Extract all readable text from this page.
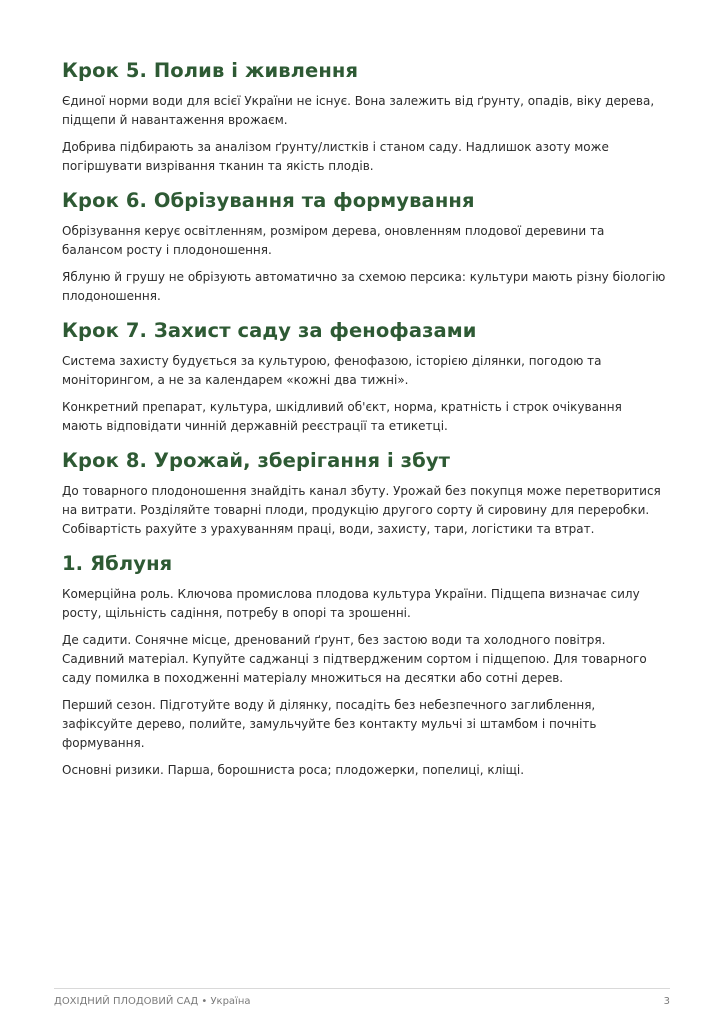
Крок 5. Полив і живлення

Єдиної норми води для всієї України не існує. Вона залежить від ґрунту, опадів, віку дерева, підщепи й навантаження врожаєм.

Добрива підбирають за аналізом ґрунту/листків і станом саду. Надлишок азоту може погіршувати визрівання тканин та якість плодів.

Крок 6. Обрізування та формування

Обрізування керує освітленням, розміром дерева, оновленням плодової деревини та балансом росту і плодоношення.

Яблуню й грушу не обрізують автоматично за схемою персика: культури мають різну біологію плодоношення.

Крок 7. Захист саду за фенофазами

Система захисту будується за культурою, фенофазою, історією ділянки, погодою та моніторингом, а не за календарем «кожні два тижні».

Конкретний препарат, культура, шкідливий об'єкт, норма, кратність і строк очікування мають відповідати чинній державній реєстрації та етикетці.

Крок 8. Урожай, зберігання і збут

До товарного плодоношення знайдіть канал збуту. Урожай без покупця може перетворитися на витрати. Розділяйте товарні плоди, продукцію другого сорту й сировину для переробки. Собівартість рахуйте з урахуванням праці, води, захисту, тари, логістики та втрат.

1. Яблуня

Комерційна роль. Ключова промислова плодова культура України. Підщепа визначає силу росту, щільність садіння, потребу в опорі та зрошенні.

Де садити. Сонячне місце, дренований ґрунт, без застою води та холодного повітря. Садивний матеріал. Купуйте саджанці з підтвердженим сортом і підщепою. Для товарного саду помилка в походженні матеріалу множиться на десятки або сотні дерев.

Перший сезон. Підготуйте воду й ділянку, посадіть без небезпечного заглиблення, зафіксуйте дерево, полийте, замульчуйте без контакту мульчі зі штамбом і почніть формування.

Основні ризики. Парша, борошниста роса; плодожерки, попелиці, кліщі.

ДОХІДНИЙ ПЛОДОВИЙ САД • Україна	3
